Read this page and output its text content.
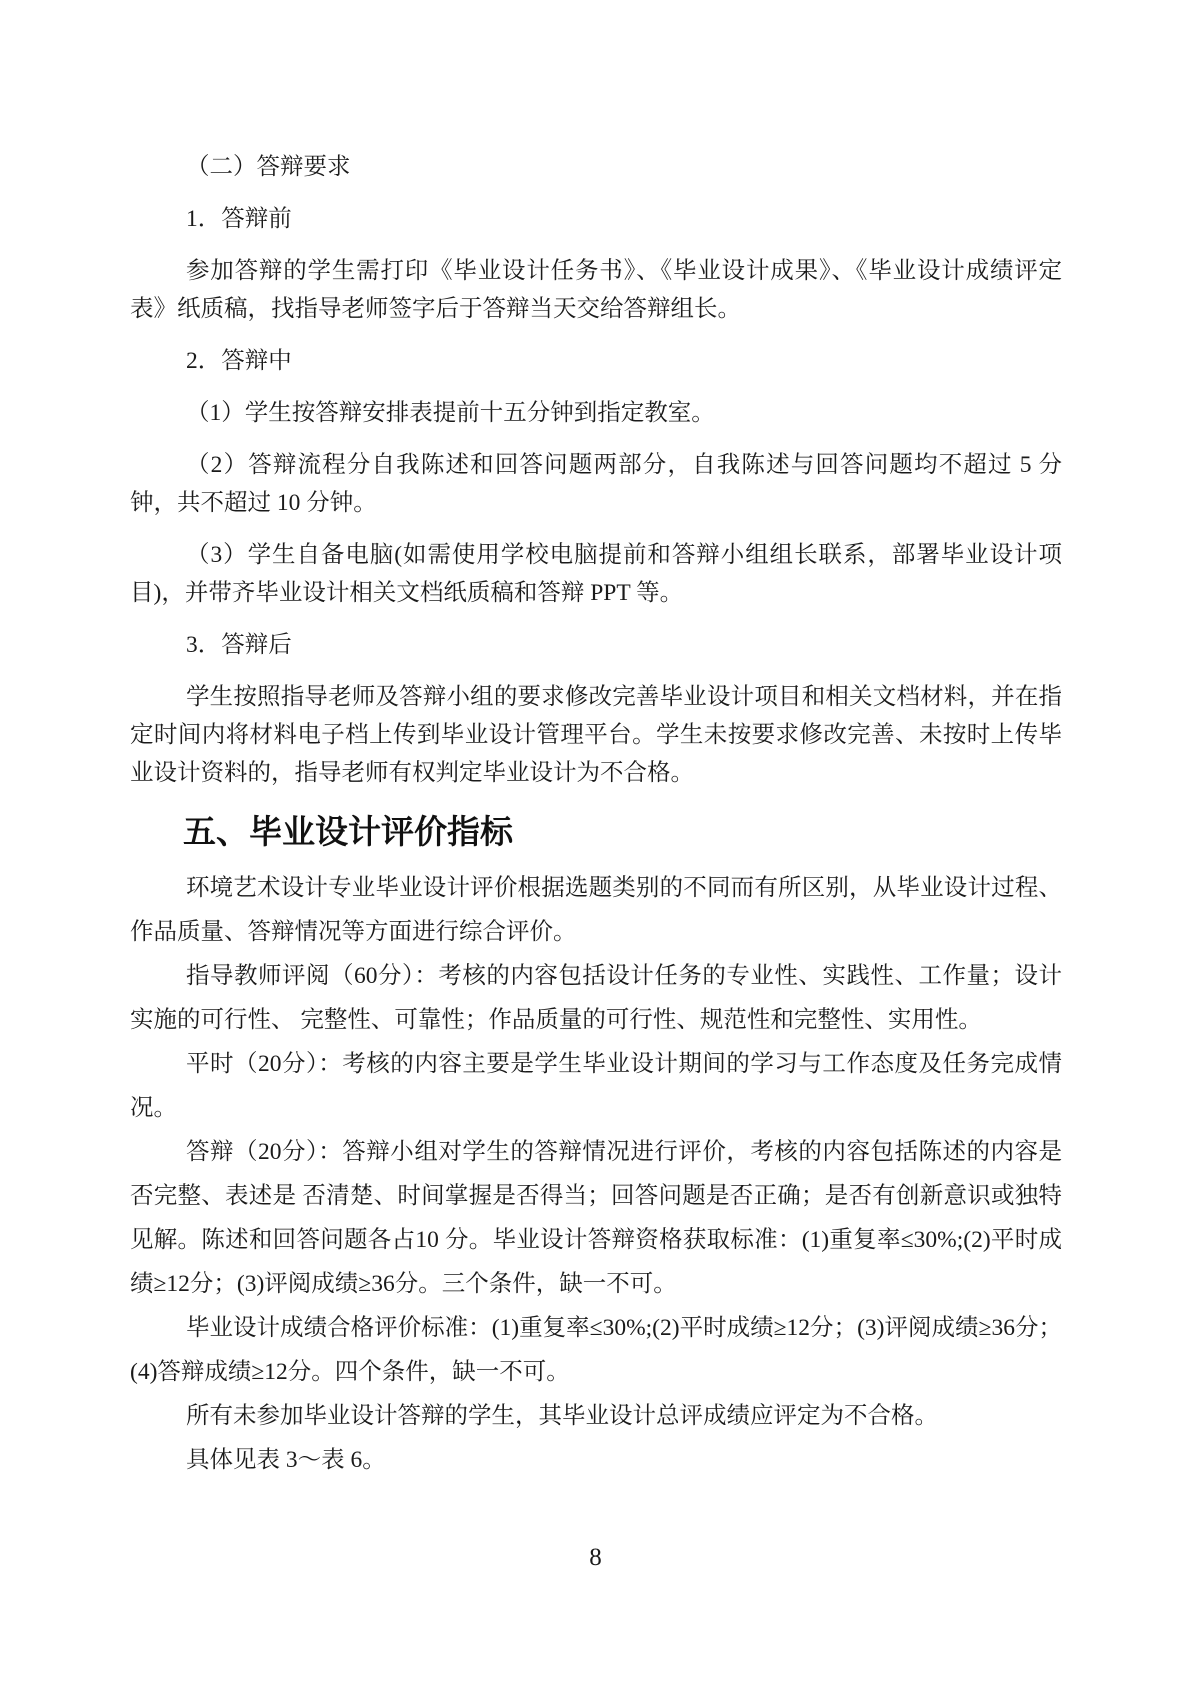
（二）答辩要求

1．答辩前

参加答辩的学生需打印《毕业设计任务书》、《毕业设计成果》、《毕业设计成绩评定表》纸质稿，找指导老师签字后于答辩当天交给答辩组长。

2．答辩中

（1）学生按答辩安排表提前十五分钟到指定教室。

（2）答辩流程分自我陈述和回答问题两部分，自我陈述与回答问题均不超过 5 分钟，共不超过 10 分钟。

（3）学生自备电脑(如需使用学校电脑提前和答辩小组组长联系，部署毕业设计项目)，并带齐毕业设计相关文档纸质稿和答辩 PPT 等。

3．答辩后

学生按照指导老师及答辩小组的要求修改完善毕业设计项目和相关文档材料，并在指定时间内将材料电子档上传到毕业设计管理平台。学生未按要求修改完善、未按时上传毕业设计资料的，指导老师有权判定毕业设计为不合格。

五、毕业设计评价指标

环境艺术设计专业毕业设计评价根据选题类别的不同而有所区别，从毕业设计过程、作品质量、答辩情况等方面进行综合评价。

指导教师评阅（60分）：考核的内容包括设计任务的专业性、实践性、工作量；设计实施的可行性、 完整性、可靠性；作品质量的可行性、规范性和完整性、实用性。

平时（20分）：考核的内容主要是学生毕业设计期间的学习与工作态度及任务完成情况。

答辩（20分）：答辩小组对学生的答辩情况进行评价，考核的内容包括陈述的内容是否完整、表述是 否清楚、时间掌握是否得当；回答问题是否正确；是否有创新意识或独特见解。陈述和回答问题各占10 分。毕业设计答辩资格获取标准：(1)重复率≤30%;(2)平时成绩≥12分；(3)评阅成绩≥36分。三个条件，缺一不可。

毕业设计成绩合格评价标准：(1)重复率≤30%;(2)平时成绩≥12分；(3)评阅成绩≥36分；(4)答辩成绩≥12分。四个条件，缺一不可。

所有未参加毕业设计答辩的学生，其毕业设计总评成绩应评定为不合格。

具体见表 3～表 6。

8
